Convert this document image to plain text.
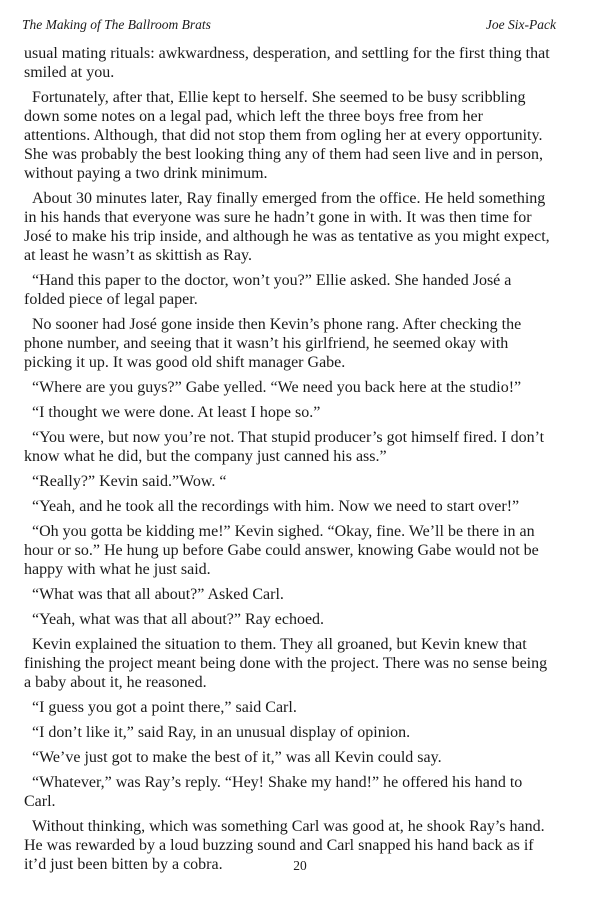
The Making of The Ballroom Brats	Joe Six-Pack

usual mating rituals: awkwardness, desperation, and settling for the first thing that smiled at you.

Fortunately, after that, Ellie kept to herself. She seemed to be busy scribbling down some notes on a legal pad, which left the three boys free from her attentions. Although, that did not stop them from ogling her at every opportunity. She was probably the best looking thing any of them had seen live and in person, without paying a two drink minimum.

About 30 minutes later, Ray finally emerged from the office. He held something in his hands that everyone was sure he hadn’t gone in with. It was then time for José to make his trip inside, and although he was as tentative as you might expect, at least he wasn’t as skittish as Ray.

“Hand this paper to the doctor, won’t you?” Ellie asked. She handed José a folded piece of legal paper.

No sooner had José gone inside then Kevin’s phone rang. After checking the phone number, and seeing that it wasn’t his girlfriend, he seemed okay with picking it up. It was good old shift manager Gabe.

“Where are you guys?” Gabe yelled. “We need you back here at the studio!”

“I thought we were done. At least I hope so.”

“You were, but now you’re not. That stupid producer’s got himself fired. I don’t know what he did, but the company just canned his ass.”

“Really?” Kevin said.”Wow. “

“Yeah, and he took all the recordings with him. Now we need to start over!”

“Oh you gotta be kidding me!” Kevin sighed. “Okay, fine. We’ll be there in an hour or so.” He hung up before Gabe could answer, knowing Gabe would not be happy with what he just said.

“What was that all about?” Asked Carl.

“Yeah, what was that all about?” Ray echoed.

Kevin explained the situation to them. They all groaned, but Kevin knew that finishing the project meant being done with the project. There was no sense being a baby about it, he reasoned.

“I guess you got a point there,” said Carl.

“I don’t like it,” said Ray, in an unusual display of opinion.

“We’ve just got to make the best of it,” was all Kevin could say.

“Whatever,” was Ray’s reply. “Hey! Shake my hand!” he offered his hand to Carl.

Without thinking, which was something Carl was good at, he shook Ray’s hand. He was rewarded by a loud buzzing sound and Carl snapped his hand back as if it’d just been bitten by a cobra.	20
